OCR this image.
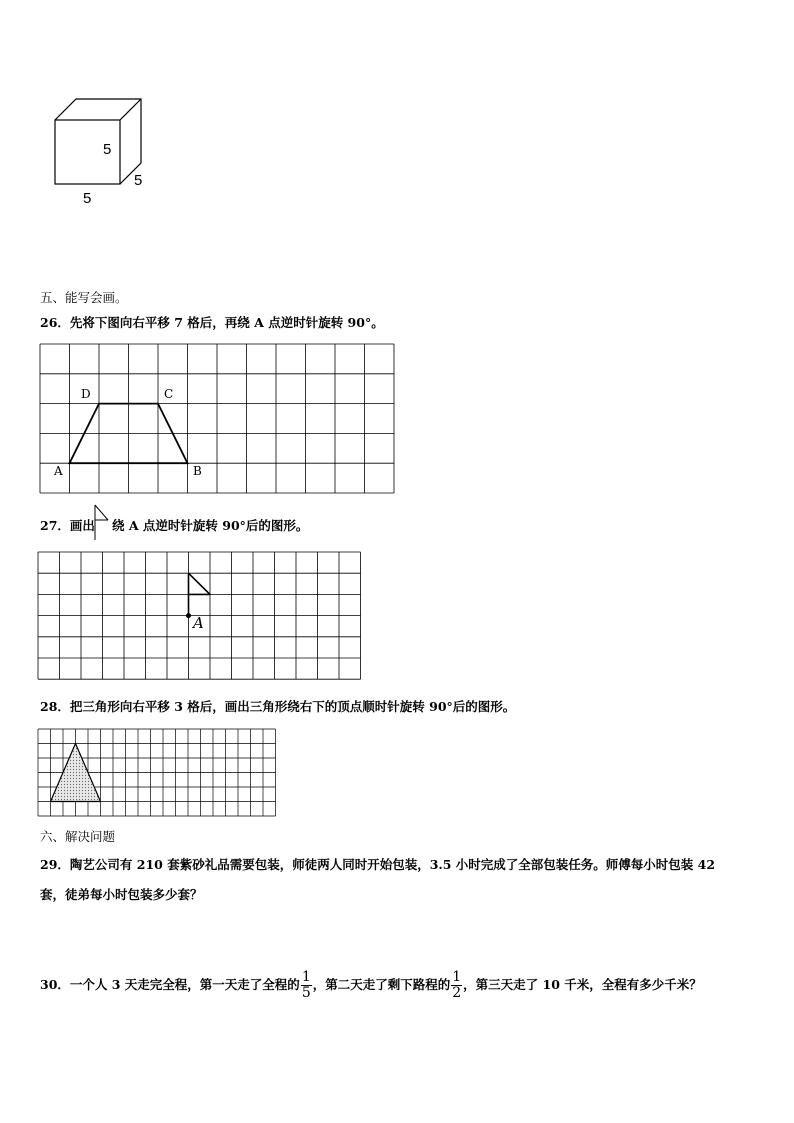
5
5
5
五、能写会画。
26．先将下图向右平移 7 格后，再绕 A 点逆时针旋转 90°。
D	C
A	B
27．画出 绕 A 点逆时针旋转 90°后的图形。
A
28．把三角形向右平移 3 格后，画出三角形绕右下的顶点顺时针旋转 90°后的图形。
六、解决问题
29．陶艺公司有 210 套紫砂礼品需要包装，师徒两人同时开始包装，3.5 小时完成了全部包装任务。师傅每小时包装 42
套，徒弟每小时包装多少套？
30．一个人 3 天走完全程，第一天走了全程的 $\frac{1}{5}$ ，第二天走了剩下路程的 $\frac{1}{2}$ ，第三天走了 10 千米，全程有多少千米？
